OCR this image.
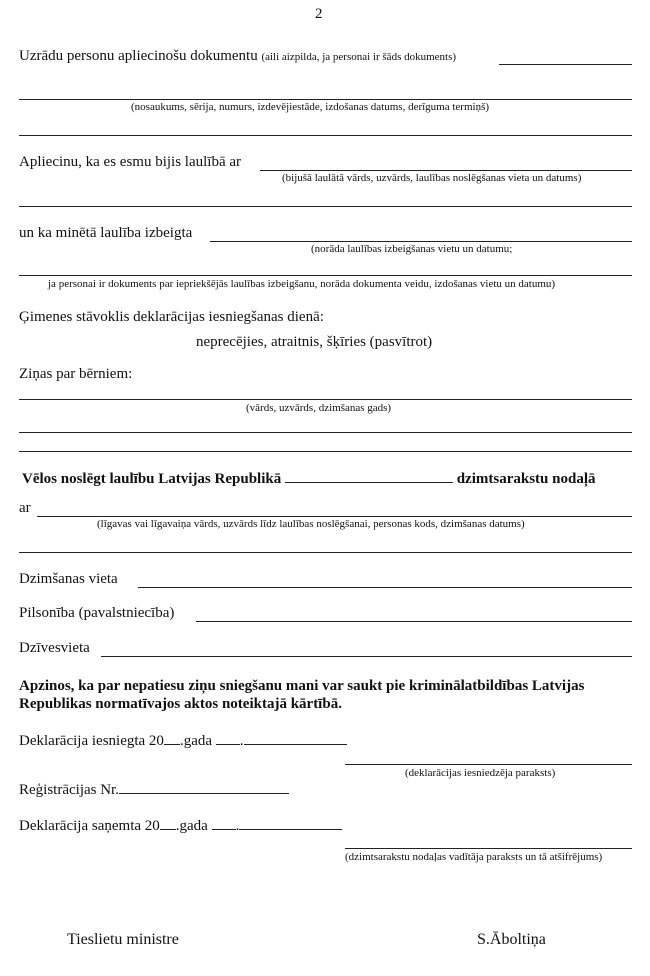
2
Uzrādu personu apliecinošu dokumentu (aili aizpilda, ja personai ir šāds dokuments)
(nosaukums, sērija, numurs, izdevējiestāde, izdošanas datums, derīguma termiņš)
Apliecinu, ka es esmu bijis laulībā ar
(bijušā laulātā vārds, uzvārds, laulības noslēgšanas vieta un datums)
un ka minētā laulība izbeigta
(norāda laulības izbeigšanas vietu un datumu;
ja personai ir dokuments par iepriekšējās laulības izbeigšanu, norāda dokumenta veidu, izdošanas vietu un datumu)
Ģimenes stāvoklis deklarācijas iesniegšanas dienā:
neprecējies, atraitnis, šķīries (pasvītrot)
Ziņas par bērniem:
(vārds, uzvārds, dzimšanas gads)
Vēlos noslēgt laulību Latvijas Republikā	dzimtsarakstu nodaļā
ar
(līgavas vai līgavaiņa vārds, uzvārds līdz laulības noslēgšanai, personas kods, dzimšanas datums)
Dzimšanas vieta
Pilsonība (pavalstniecība)
Dzīvesvieta
Apzinos, ka par nepatiesu ziņu sniegšanu mani var saukt pie kriminālatbildības Latvijas
Republikas normatīvajos aktos noteiktajā kārtībā.
Deklarācija iesniegta 20 .gada .
(deklarācijas iesniedzēja paraksts)
Reģistrācijas Nr.
Deklarācija saņemta 20 .gada .
(dzimtsarakstu nodaļas vadītāja paraksts un tā atšifrējums)
Tieslietu ministre	S.Āboltiņa
